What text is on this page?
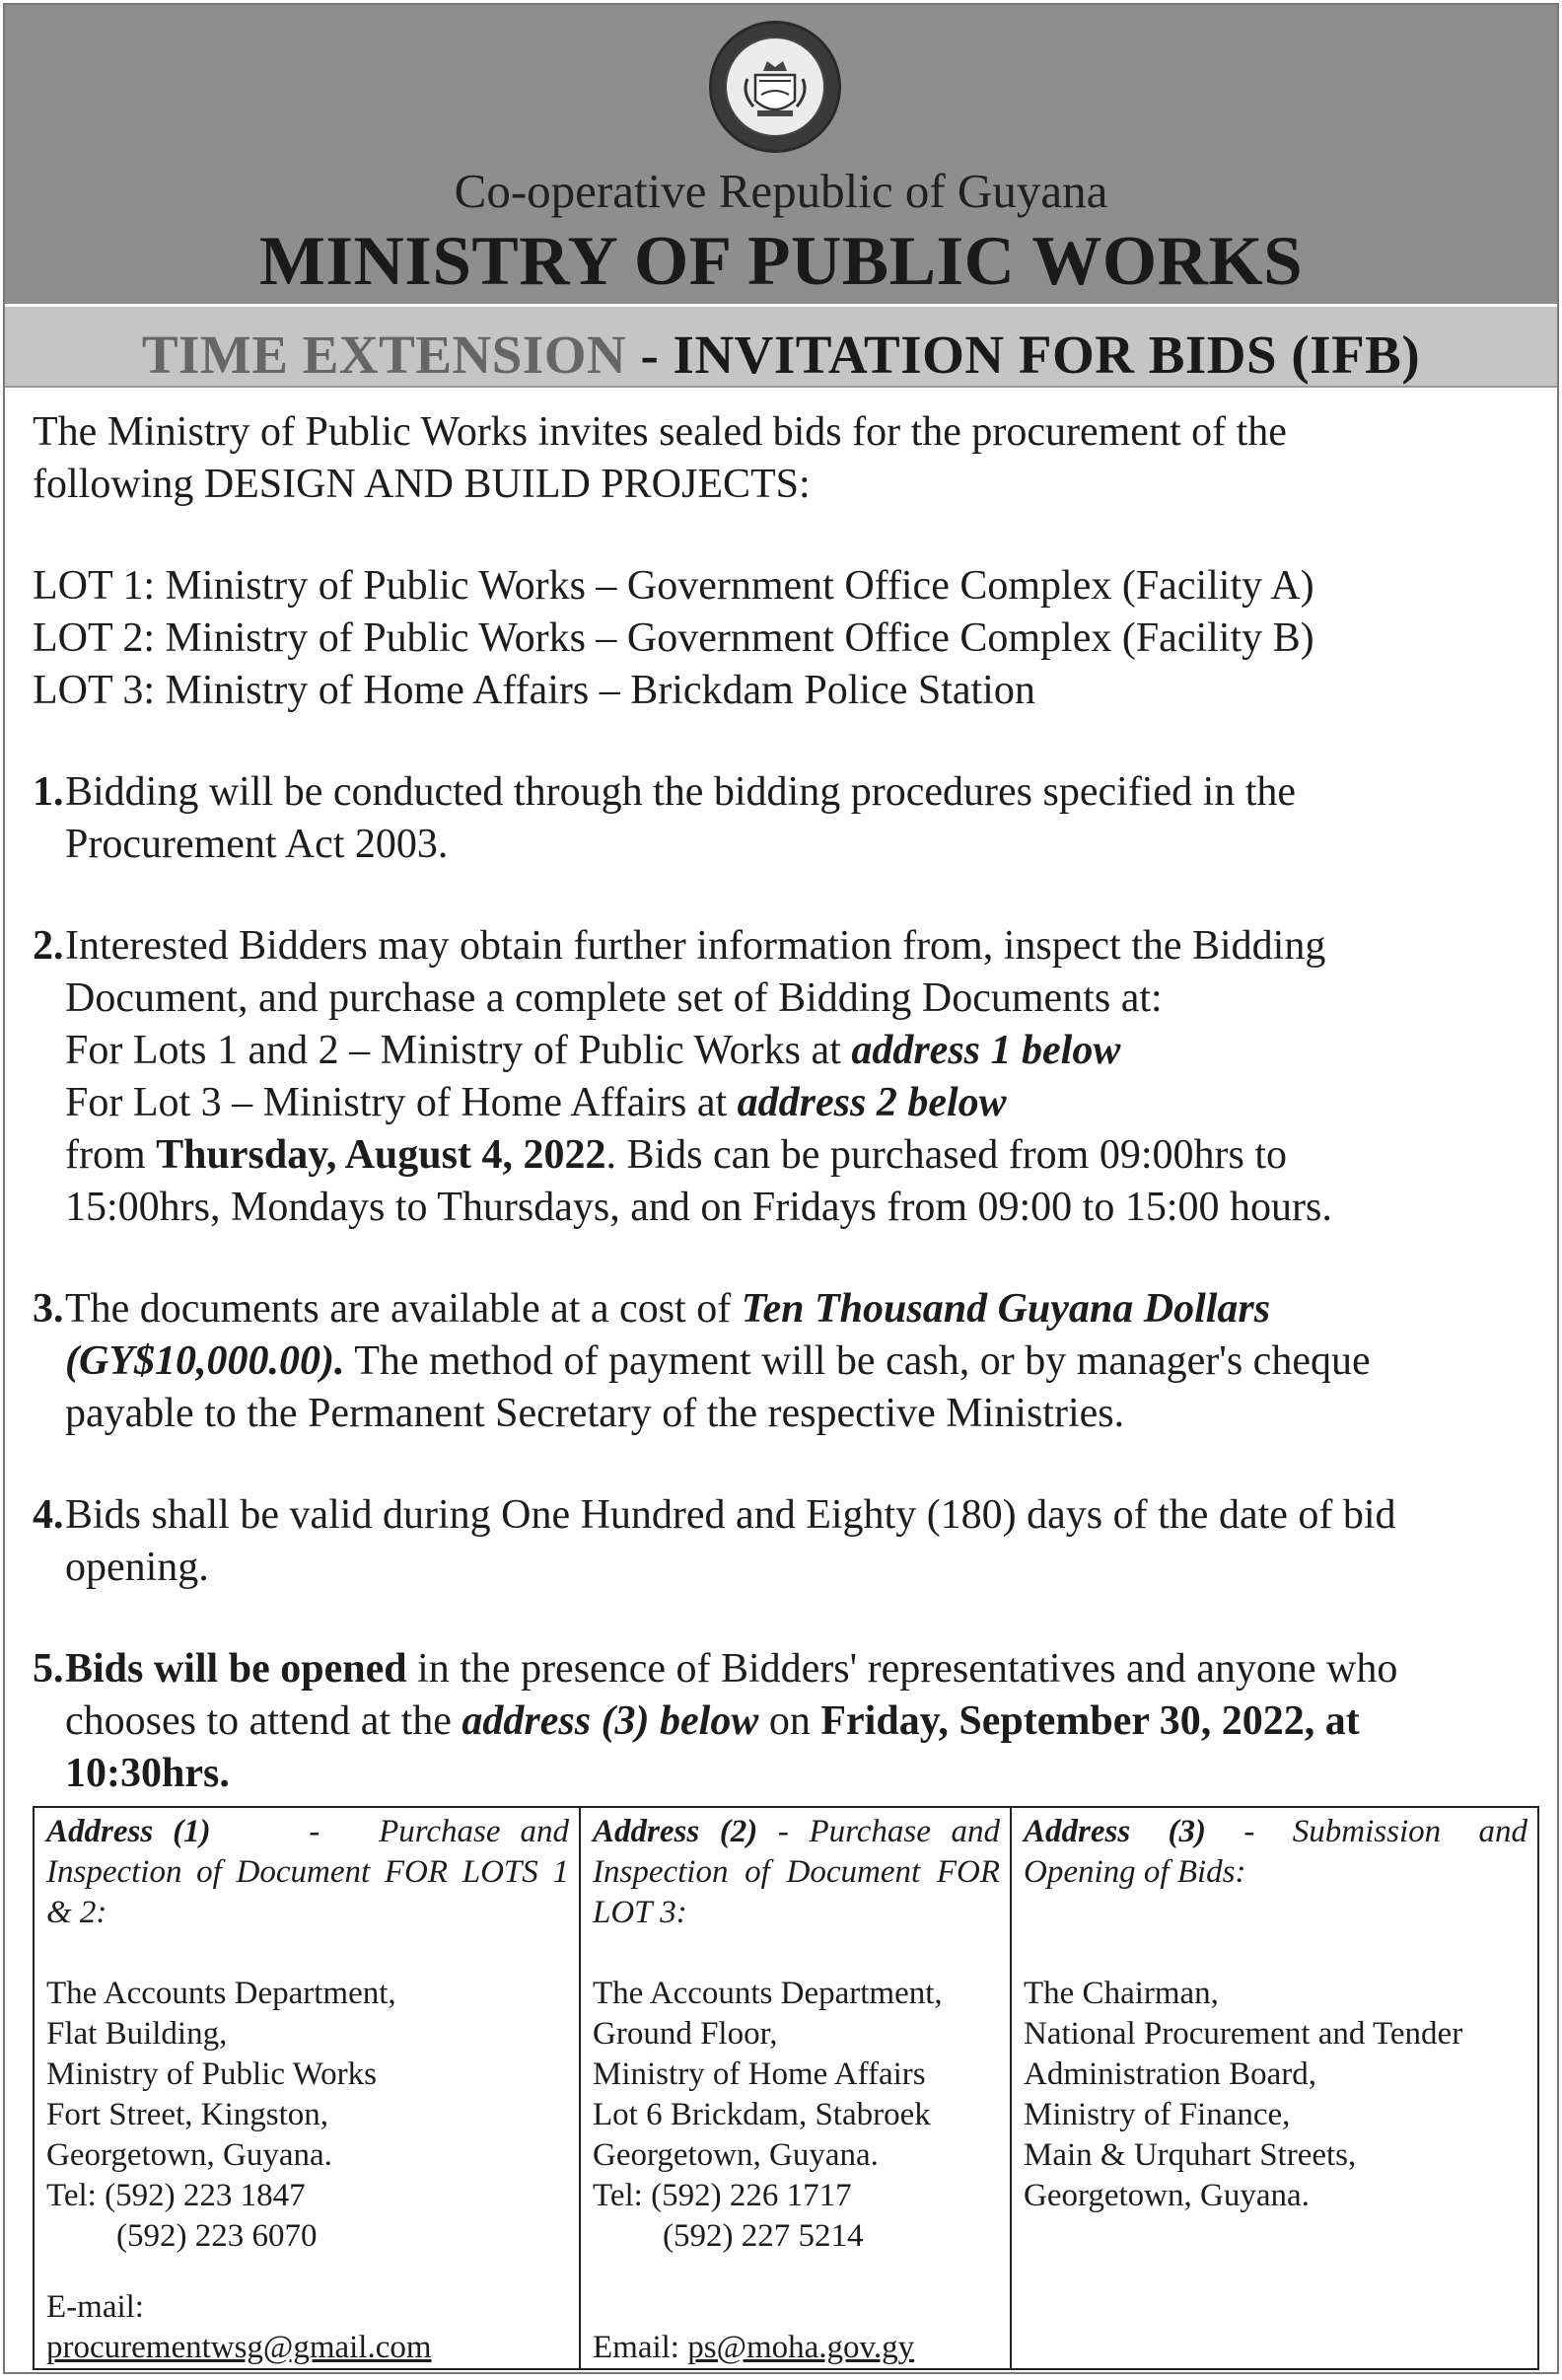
Co-operative Republic of Guyana
MINISTRY OF PUBLIC WORKS
TIME EXTENSION - INVITATION FOR BIDS (IFB)

The Ministry of Public Works invites sealed bids for the procurement of the

following DESIGN AND BUILD PROJECTS:

LOT 1: Ministry of Public Works – Government Office Complex (Facility A)

LOT 2: Ministry of Public Works – Government Office Complex (Facility B)

LOT 3: Ministry of Home Affairs – Brickdam Police Station

1. Bidding will be conducted through the bidding procedures specified in the

Procurement Act 2003.

2. Interested Bidders may obtain further information from, inspect the Bidding

Document, and purchase a complete set of Bidding Documents at:

For Lots 1 and 2 – Ministry of Public Works at address 1 below

For Lot 3 – Ministry of Home Affairs at address 2 below

from Thursday, August 4, 2022. Bids can be purchased from 09:00hrs to

15:00hrs, Mondays to Thursdays, and on Fridays from 09:00 to 15:00 hours.

3. The documents are available at a cost of Ten Thousand Guyana Dollars

(GY$10,000.00). The method of payment will be cash, or by manager's cheque

payable to the Permanent Secretary of the respective Ministries.

4. Bids shall be valid during One Hundred and Eighty (180) days of the date of bid

opening.

5. Bids will be opened in the presence of Bidders' representatives and anyone who

chooses to attend at the address (3) below on Friday, September 30, 2022, at

10:30hrs.

Address (1)     -   Purchase and Inspection of Document FOR LOTS 1 & 2:
The Accounts Department,
Flat Building,
Ministry of Public Works
Fort Street, Kingston,
Georgetown, Guyana.
Tel: (592) 223 1847
(592) 223 6070
E-mail:
procurementwsg@gmail.com
Address (2) - Purchase and Inspection of Document FOR LOT 3:
The Accounts Department,
Ground Floor,
Ministry of Home Affairs
Lot 6 Brickdam, Stabroek
Georgetown, Guyana.
Tel: (592) 226 1717
(592) 227 5214
Email: ps@moha.gov.gy
Address (3) - Submission and Opening of Bids:
The Chairman,
National Procurement and Tender
Administration Board,
Ministry of Finance,
Main & Urquhart Streets,
Georgetown, Guyana.
